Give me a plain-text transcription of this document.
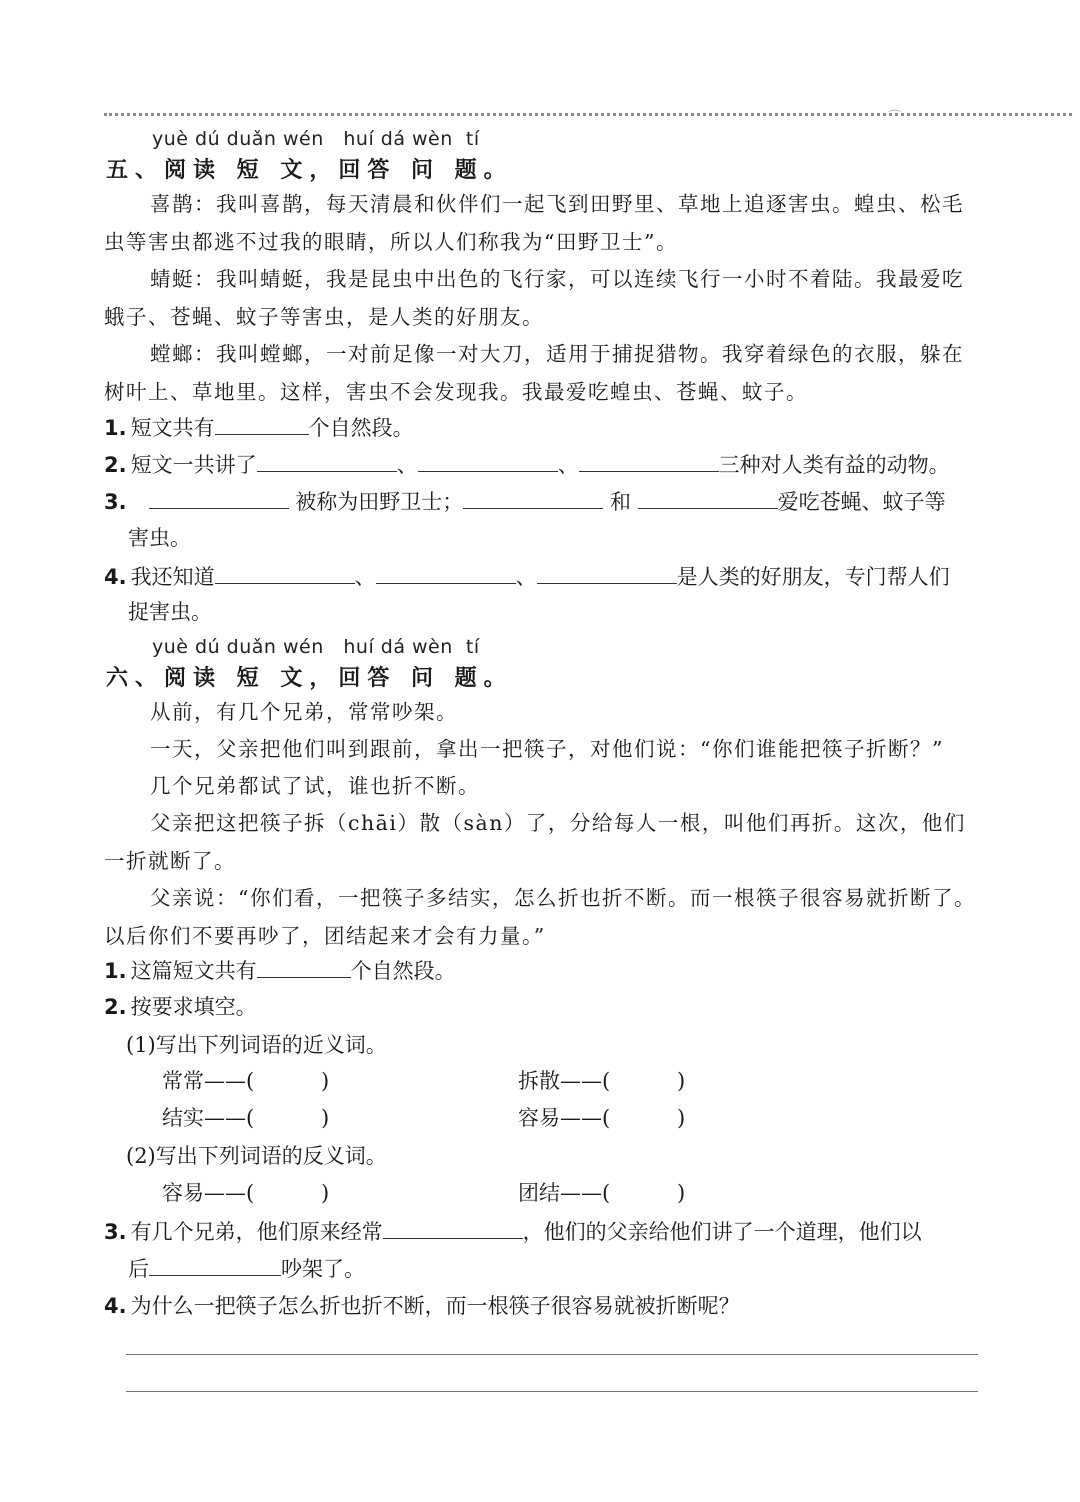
⌒
yuè dú duǎn wén   huí dá wèn  tí
五、阅读 短 文，回答 问 题。

喜鹊：我叫喜鹊，每天清晨和伙伴们一起飞到田野里、草地上追逐害虫。蝗虫、松毛虫等害虫都逃不过我的眼睛，所以人们称我为“田野卫士”。

蜻蜓：我叫蜻蜓，我是昆虫中出色的飞行家，可以连续飞行一小时不着陆。我最爱吃蛾子、苍蝇、蚊子等害虫，是人类的好朋友。

螳螂：我叫螳螂，一对前足像一对大刀，适用于捕捉猎物。我穿着绿色的衣服，躲在树叶上、草地里。这样，害虫不会发现我。我最爱吃蝗虫、苍蝇、蚊子。

1. 短文共有	个自然段。
2. 短文一共讲了	、	、	三种对人类有益的动物。
3.	被称为田野卫士；	和	爱吃苍蝇、蚊子等
害虫。
4. 我还知道	、	、	是人类的好朋友，专门帮人们
捉害虫。
yuè dú duǎn wén   huí dá wèn  tí
六、阅读 短 文，回答 问 题。

从前，有几个兄弟，常常吵架。

一天，父亲把他们叫到跟前，拿出一把筷子，对他们说：“你们谁能把筷子折断？”

几个兄弟都试了试，谁也折不断。

父亲把这把筷子拆（chāi）散（sàn）了，分给每人一根，叫他们再折。这次，他们一折就断了。

父亲说：“你们看，一把筷子多结实，怎么折也折不断。而一根筷子很容易就折断了。以后你们不要再吵了，团结起来才会有力量。”

1. 这篇短文共有	个自然段。
2. 按要求填空。
(1)写出下列词语的近义词。
常常——(          )	拆散——(          )
结实——(          )	容易——(          )
(2)写出下列词语的反义词。
容易——(          )	团结——(          )
3. 有几个兄弟，他们原来经常	，他们的父亲给他们讲了一个道理，他们以
后	吵架了。
4. 为什么一把筷子怎么折也折不断，而一根筷子很容易就被折断呢？
